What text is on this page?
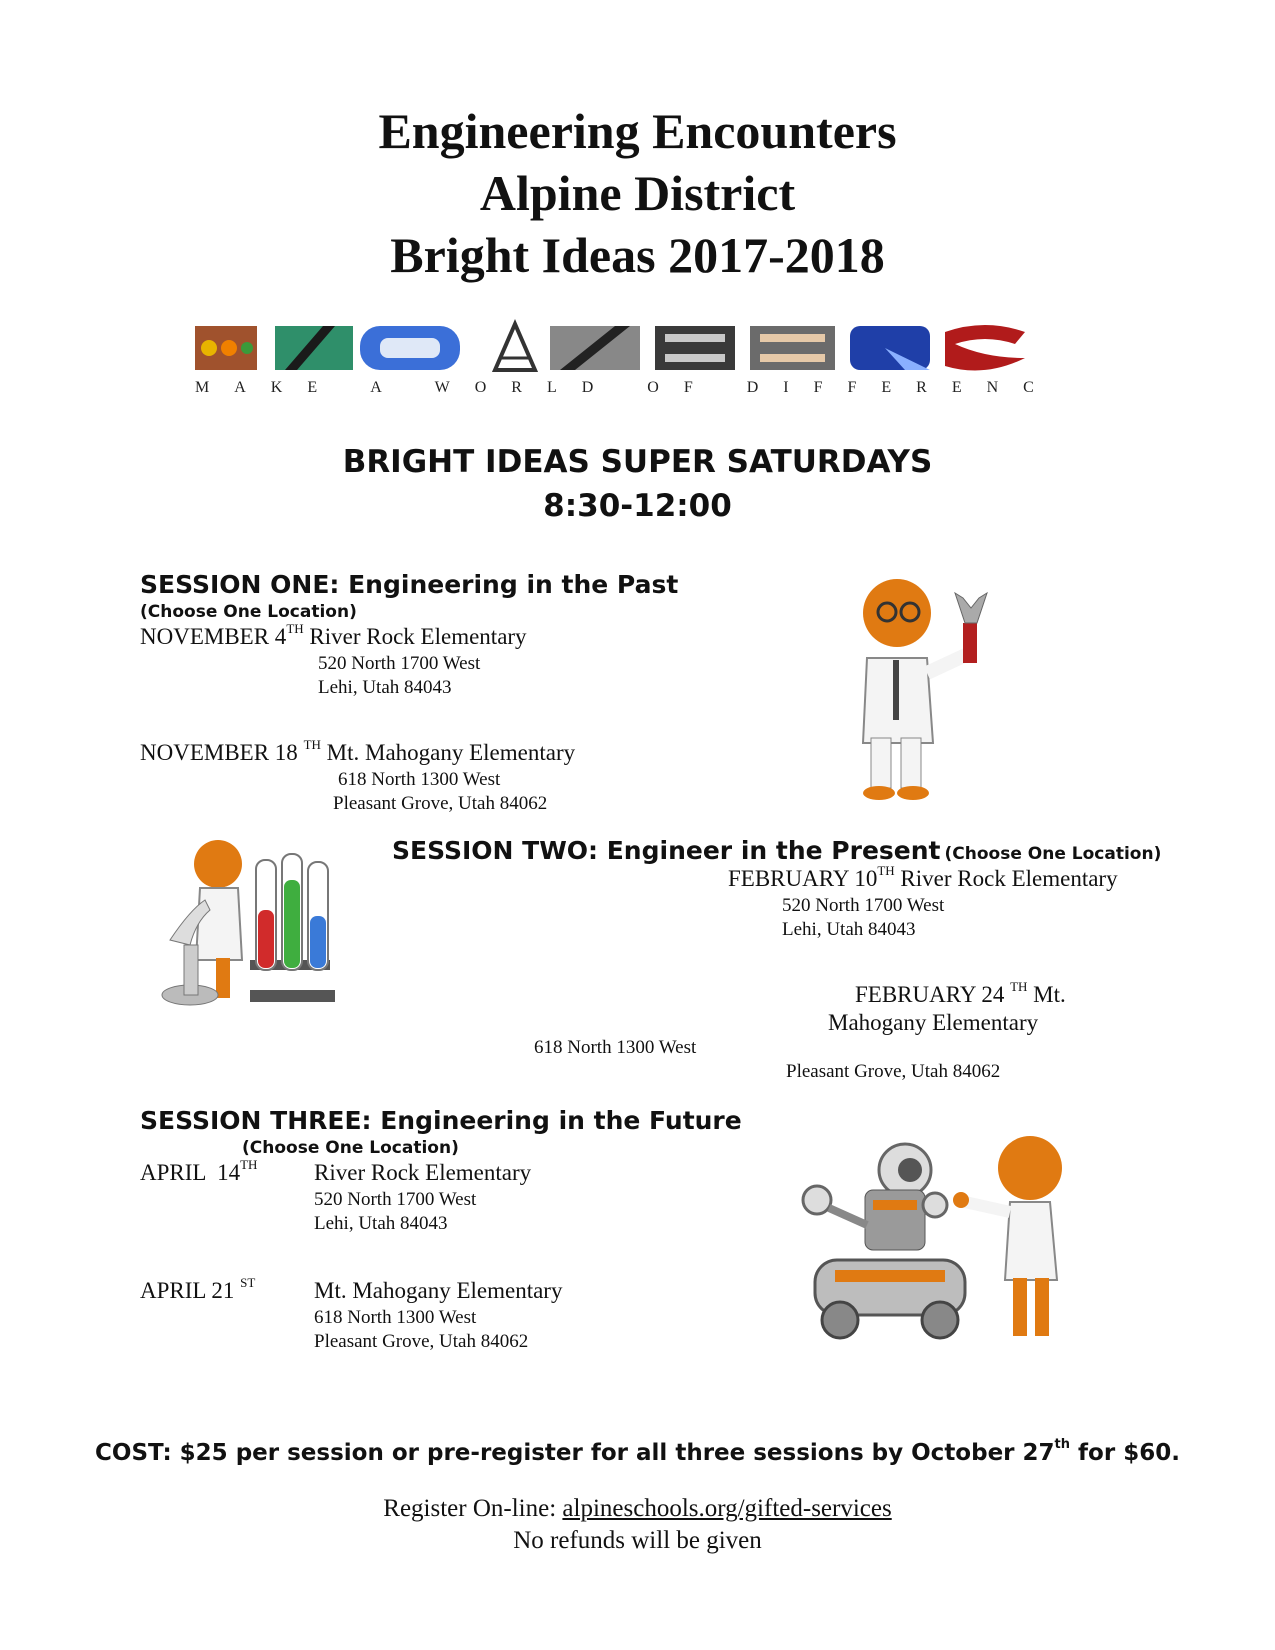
Engineering Encounters
Alpine District
Bright Ideas 2017-2018
MAKE A WORLD OF DIFFERENCE
BRIGHT IDEAS SUPER SATURDAYS
8:30-12:00
SESSION ONE: Engineering in the Past
(Choose One Location)
NOVEMBER 4TH River Rock Elementary
520 North 1700 West
Lehi, Utah 84043
NOVEMBER 18 $^{TH}$ Mt. Mahogany Elementary
618 North 1300 West
Pleasant Grove, Utah 84062
SESSION TWO: Engineer in the Present (Choose One Location)
FEBRUARY 10TH River Rock Elementary
520 North 1700 West
Lehi, Utah 84043
FEBRUARY 24 $^{TH}$ Mt.
Mahogany Elementary
618 North 1300 West
Pleasant Grove, Utah 84062
SESSION THREE: Engineering in the Future
(Choose One Location)
APRIL  14TH River Rock Elementary
520 North 1700 West
Lehi, Utah 84043
APRIL 21 $^{ST}$	Mt. Mahogany Elementary
618 North 1300 West
Pleasant Grove, Utah 84062
COST: $25 per session or pre-register for all three sessions by October 27th for $60.
Register On-line: alpineschools.org/gifted-services
No refunds will be given
